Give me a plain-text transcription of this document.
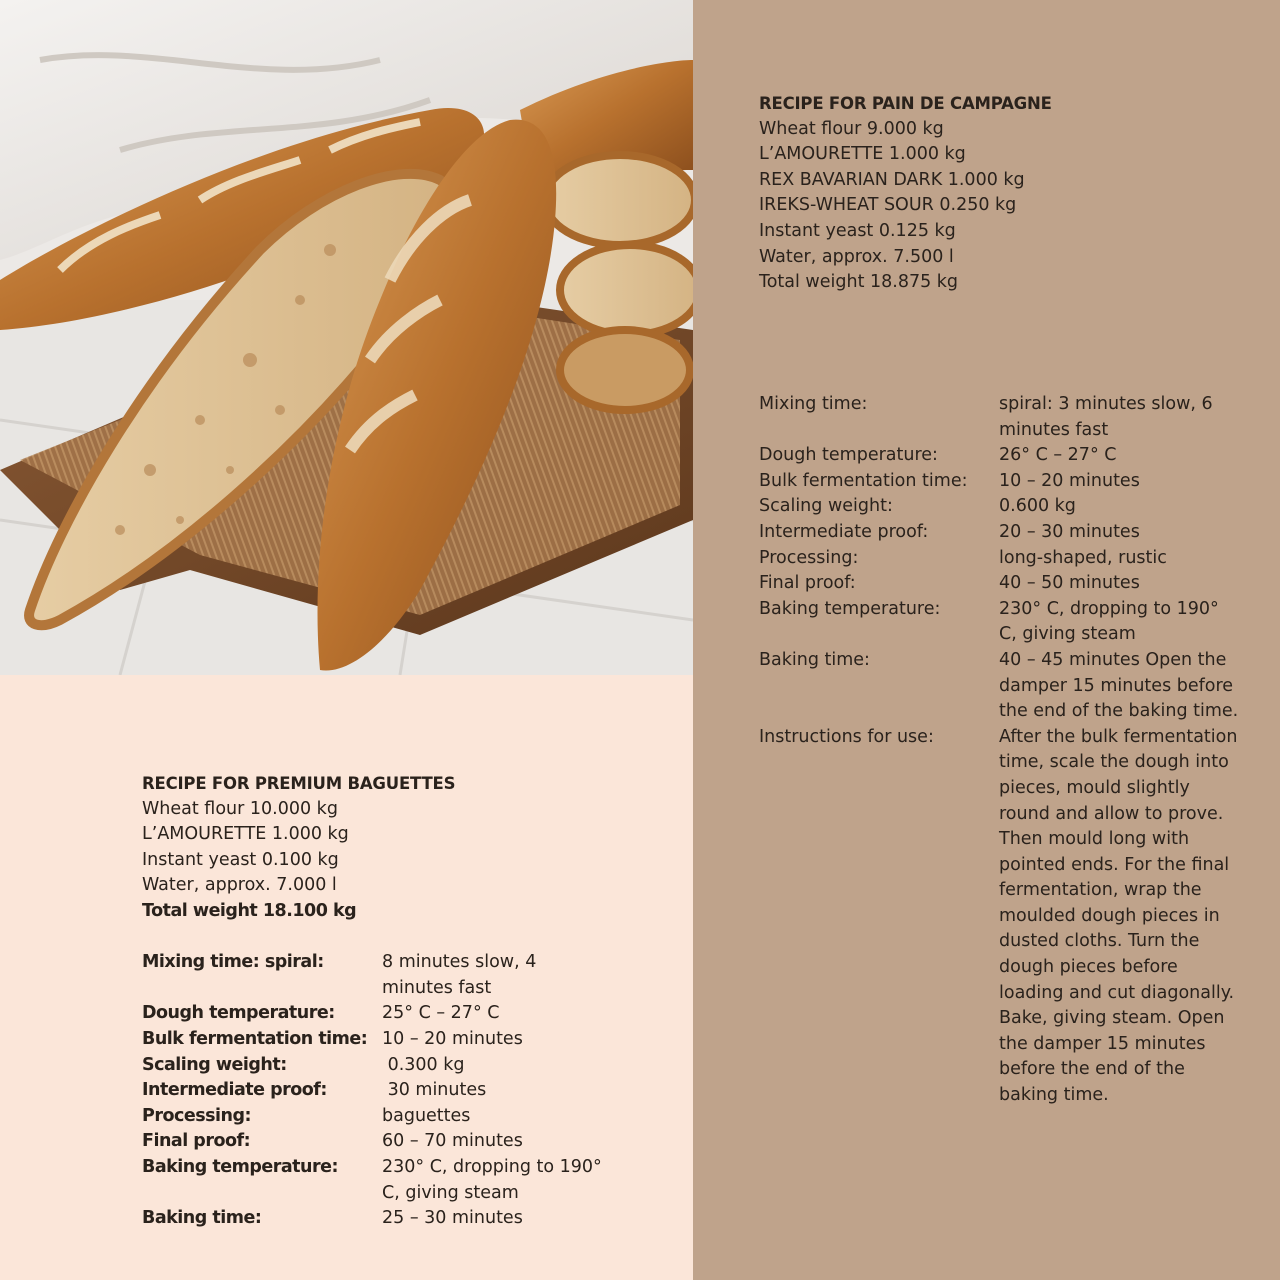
RECIPE FOR PREMIUM BAGUETTES
Wheat flour 10.000 kg
L’AMOURETTE 1.000 kg
Instant yeast 0.100 kg
Water, approx. 7.000 l
Total weight 18.100 kg
Mixing time: spiral:	8 minutes slow, 4 minutes fast
Dough temperature:	25° C – 27° C
Bulk fermentation time: 10 – 20 minutes
Scaling weight:	0.300 kg
Intermediate proof:	30 minutes
Processing:	baguettes
Final proof:	60 – 70 minutes
Baking temperature:	230° C, dropping to 190° C, giving steam
Baking time:	25 – 30 minutes
RECIPE FOR PAIN DE CAMPAGNE
Wheat flour 9.000 kg
L’AMOURETTE 1.000 kg
REX BAVARIAN DARK 1.000 kg
IREKS-WHEAT SOUR 0.250 kg
Instant yeast 0.125 kg
Water, approx. 7.500 l
Total weight 18.875 kg
Mixing time:	spiral: 3 minutes slow, 6 minutes fast
Dough temperature:	26° C – 27° C
Bulk fermentation time: 10 – 20 minutes
Scaling weight:	0.600 kg
Intermediate proof:	20 – 30 minutes
Processing:	long-shaped, rustic
Final proof:	40 – 50 minutes
Baking temperature:	230° C, dropping to 190° C, giving steam
Baking time:	40 – 45 minutes Open the damper 15 minutes before the end of the baking time.
Instructions for use:	After the bulk fermentation time, scale the dough into pieces, mould slightly round and allow to prove. Then mould long with pointed ends. For the final fermentation, wrap the moulded dough pieces in dusted cloths. Turn the dough pieces before loading and cut diagonally. Bake, giving steam. Open the damper 15 minutes before the end of the baking time.
